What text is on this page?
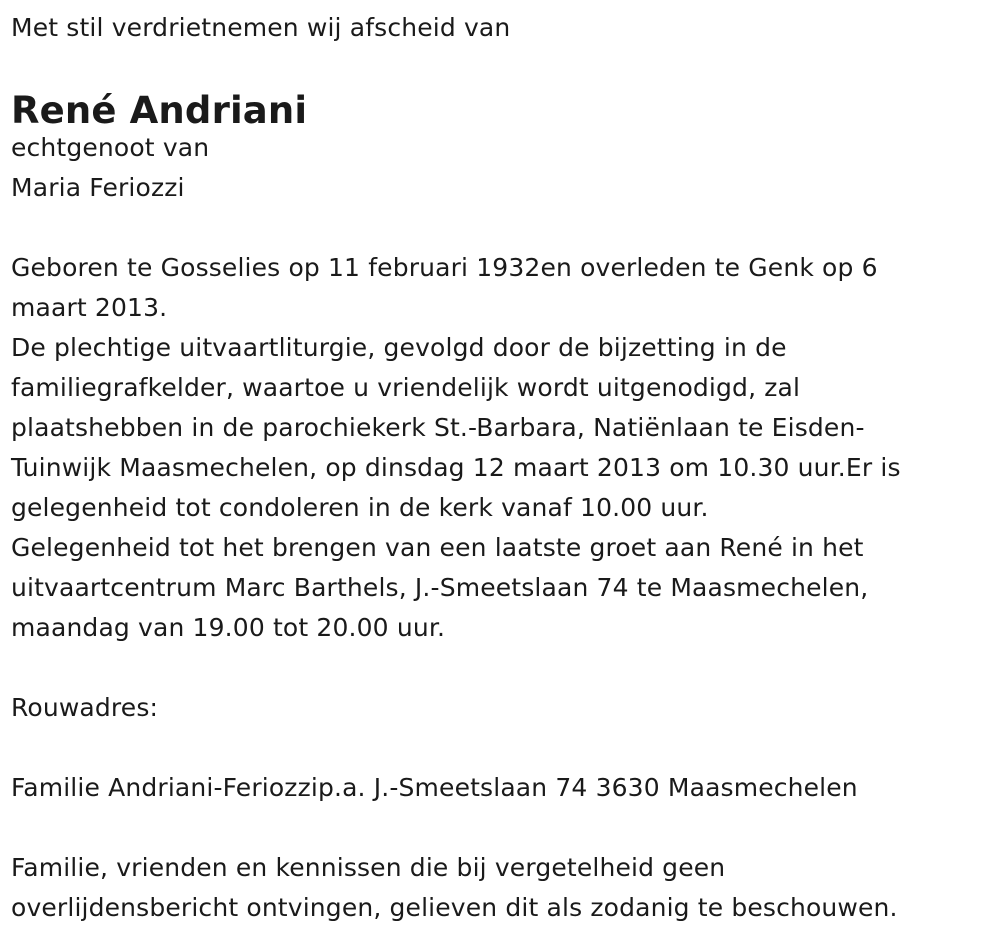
Met stil verdrietnemen wij afscheid van

René Andriani

echtgenoot van

Maria Feriozzi

Geboren te Gosselies op 11 februari 1932en overleden te Genk op 6

maart 2013.

De plechtige uitvaartliturgie, gevolgd door de bijzetting in de

familiegrafkelder, waartoe u vriendelijk wordt uitgenodigd, zal

plaatshebben in de parochiekerk St.-Barbara, Natiënlaan te Eisden-

Tuinwijk Maasmechelen, op dinsdag 12 maart 2013 om 10.30 uur.Er is

gelegenheid tot condoleren in de kerk vanaf 10.00 uur.

Gelegenheid tot het brengen van een laatste groet aan René in het

uitvaartcentrum Marc Barthels, J.-Smeetslaan 74 te Maasmechelen,

maandag van 19.00 tot 20.00 uur.

Rouwadres:

Familie Andriani-Feriozzip.a. J.-Smeetslaan 74 3630 Maasmechelen

Familie, vrienden en kennissen die bij vergetelheid geen

overlijdensbericht ontvingen, gelieven dit als zodanig te beschouwen.
